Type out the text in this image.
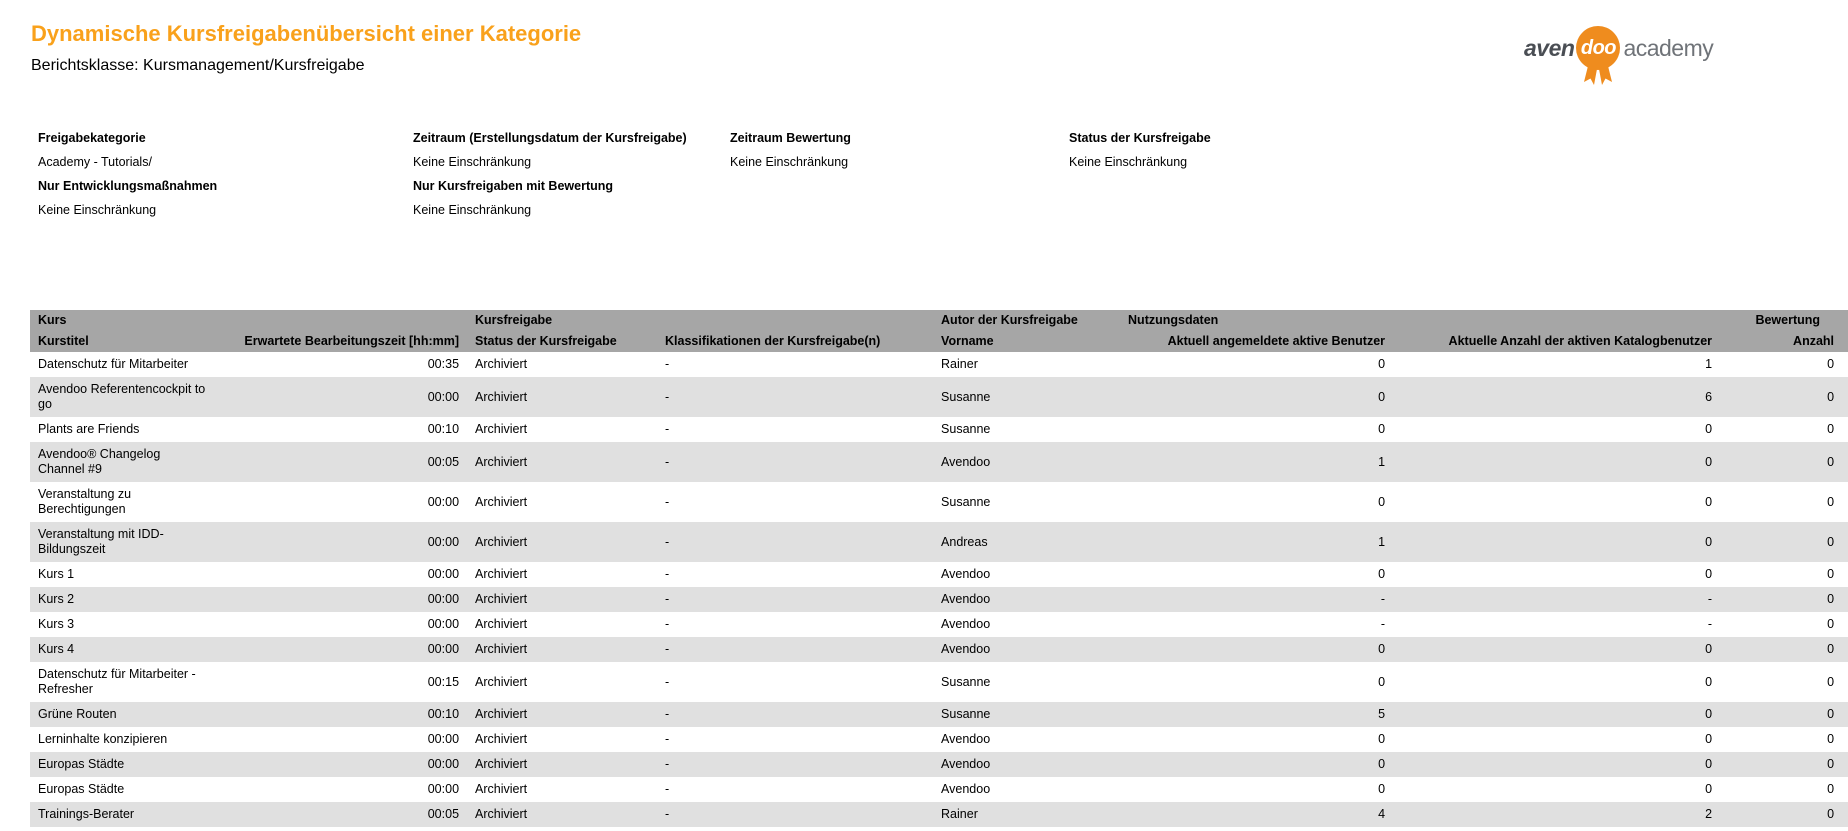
Dynamische Kursfreigabenübersicht einer Kategorie

Berichtsklasse: Kursmanagement/Kursfreigabe

aven doo academy
Freigabekategorie
Academy - Tutorials/
Nur Entwicklungsmaßnahmen
Keine Einschränkung
Zeitraum (Erstellungsdatum der Kursfreigabe)
Keine Einschränkung
Nur Kursfreigaben mit Bewertung
Keine Einschränkung
Zeitraum Bewertung
Keine Einschränkung
Status der Kursfreigabe
Keine Einschränkung
Kurs		Kursfreigabe		Autor der Kursfreigabe	Nutzungsdaten		Bewertung
Kurstitel	Erwartete Bearbeitungszeit [hh:mm]	Status der Kursfreigabe	Klassifikationen der Kursfreigabe(n)	Vorname	Aktuell angemeldete aktive Benutzer	Aktuelle Anzahl der aktiven Katalogbenutzer	Anzahl
Datenschutz für Mitarbeiter	00:35	Archiviert	-	Rainer	0	1	0
Avendoo Referentencockpit to go	00:00	Archiviert	-	Susanne	0	6	0
Plants are Friends	00:10	Archiviert	-	Susanne	0	0	0
Avendoo® Changelog Channel #9	00:05	Archiviert	-	Avendoo	1	0	0
Veranstaltung zu Berechtigungen	00:00	Archiviert	-	Susanne	0	0	0
Veranstaltung mit IDD-Bildungszeit	00:00	Archiviert	-	Andreas	1	0	0
Kurs 1	00:00	Archiviert	-	Avendoo	0	0	0
Kurs 2	00:00	Archiviert	-	Avendoo	-	-	0
Kurs 3	00:00	Archiviert	-	Avendoo	-	-	0
Kurs 4	00:00	Archiviert	-	Avendoo	0	0	0
Datenschutz für Mitarbeiter - Refresher	00:15	Archiviert	-	Susanne	0	0	0
Grüne Routen	00:10	Archiviert	-	Susanne	5	0	0
Lerninhalte konzipieren	00:00	Archiviert	-	Avendoo	0	0	0
Europas Städte	00:00	Archiviert	-	Avendoo	0	0	0
Europas Städte	00:00	Archiviert	-	Avendoo	0	0	0
Trainings-Berater	00:05	Archiviert	-	Rainer	4	2	0
